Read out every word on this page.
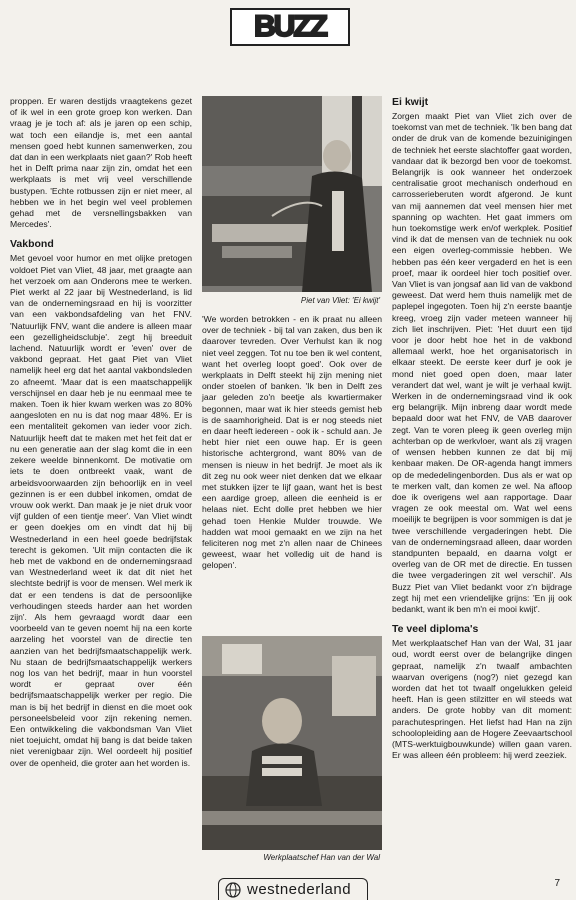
BUZZ

proppen. Er waren destijds vraagtekens gezet of ik wel in een grote groep kon werken. Dan vraag je je toch af: als je jaren op een schip, wat toch een eilandje is, met een aantal mensen goed hebt kunnen samenwerken, zou dat dan in een werkplaats niet gaan?' Rob heeft het in Delft prima naar zijn zin, omdat het een werkplaats is met vrij veel verschillende bustypen. 'Echte rotbussen zijn er niet meer, al hebben we in het begin wel veel problemen gehad met de versnellingsbakken van Mercedes'.

Vakbond

Met gevoel voor humor en met olijke pretogen voldoet Piet van Vliet, 48 jaar, met graagte aan het verzoek om aan Onderons mee te werken. Piet werkt al 22 jaar bij Westnederland, is lid van de ondernemingsraad en hij is voorzitter van een vakbondsafdeling van het FNV. 'Natuurlijk FNV, want die andere is alleen maar een gezelligheidsclubje'. zegt hij breeduit lachend. Natuurlijk wordt er 'even' over de vakbond gepraat. Het gaat Piet van Vliet namelijk heel erg dat het aantal vakbondsleden zo afneemt. 'Maar dat is een maatschappelijk verschijnsel en daar heb je nu eenmaal mee te maken. Toen ik hier kwam werken was zo 80% aangesloten en nu is dat nog maar 48%. Er is een mentaliteit gekomen van ieder voor zich. Natuurlijk heeft dat te maken met het feit dat er nu een generatie aan der slag komt die in een zekere weelde binnenkomt. De motivatie om iets te doen ontbreekt vaak, want de arbeidsvoorwaarden zijn behoorlijk en in veel gezinnen is er een dubbel inkomen, omdat de vrouw ook werkt. Dan maak je je niet druk voor vijf gulden of een tientje meer'. Van Vliet windt er geen doekjes om en vindt dat hij bij Westnederland in een heel goede bedrijfstak terecht is gekomen. 'Uit mijn contacten die ik heb met de vakbond en de ondernemingsraad van Westnederland weet ik dat dit niet het slechtste bedrijf is voor de mensen. Wel merk ik dat er een tendens is dat de persoonlijke verhoudingen steeds harder aan het worden zijn'. Als hem gevraagd wordt daar een voorbeeld van te geven noemt hij na een korte aarzeling het voorstel van de directie ten aanzien van het bedrijfsmaatschappelijk werk. Nu staan de bedrijfsmaatschappelijk werkers nog los van het bedrijf, maar in hun voorstel wordt er gepraat over één bedrijfsmaatschappelijk werker per regio. Die man is bij het bedrijf in dienst en die moet ook personeelsbeleid voor zijn rekening nemen. Een ontwikkeling die vakbondsman Van Vliet niet toejuicht, omdat hij bang is dat beide taken niet verenigbaar zijn. Wel oordeelt hij positief over de openheid, die groter aan het worden is.

Piet van Vliet: 'Ei kwijt'

'We worden betrokken - en ik praat nu alleen over de techniek - bij tal van zaken, dus ben ik daarover tevreden. Over Verhulst kan ik nog niet veel zeggen. Tot nu toe ben ik wel content, want het overleg loopt goed'. Ook over de werkplaats in Delft steekt hij zijn mening niet onder stoelen of banken. 'Ik ben in Delft zes jaar geleden zo'n beetje als kwartiermaker begonnen, maar wat ik hier steeds gemist heb is de saamhorigheid. Dat is er nog steeds niet en daar heeft iedereen - ook ik - schuld aan. Je hebt hier niet een ouwe hap. Er is geen historische achtergrond, want 80% van de mensen is nieuw in het bedrijf. Je moet als ik dit zeg nu ook weer niet denken dat we elkaar met stukken ijzer te lijf gaan, want het is best een aardige groep, alleen die eenheid is er helaas niet. Echt dolle pret hebben we hier gehad toen Henkie Mulder trouwde. We hadden wat mooi gemaakt en we zijn na het feliciteren nog met z'n allen naar de Chinees geweest, waar het volledig uit de hand is gelopen'.

Werkplaatschef Han van der Wal
Ei kwijt

Zorgen maakt Piet van Vliet zich over de toekomst van met de techniek. 'Ik ben bang dat onder de druk van de komende bezuinigingen de techniek het eerste slachtoffer gaat worden, vandaar dat ik bezorgd ben voor de toekomst. Belangrijk is ook wanneer het onderzoek centralisatie groot mechanisch onderhoud en carrosserieberuten wordt afgerond. Je kunt van mij aannemen dat veel mensen hier met spanning op wachten. Het gaat immers om hun toekomstige werk en/of werkplek. Positief vind ik dat de mensen van de techniek nu ook een eigen overleg-commissie hebben. We hebben pas één keer vergaderd en het is een proef, maar ik oordeel hier toch positief over. Van Vliet is van jongsaf aan lid van de vakbond geweest. Dat werd hem thuis namelijk met de paplepel ingegoten. Toen hij z'n eerste baantje kreeg, vroeg zijn vader meteen wanneer hij zich liet inschrijven. Piet: 'Het duurt een tijd voor je door hebt hoe het in de vakbond allemaal werkt, hoe het organisatorisch in elkaar steekt. De eerste keer durf je ook je mond niet goed open doen, maar later verandert dat wel, want je wilt je verhaal kwijt. Werken in de ondernemingsraad vind ik ook erg belangrijk. Mijn inbreng daar wordt mede bepaald door wat het FNV, de VAB daarover zegt. Van te voren pleeg ik geen overleg mijn achterban op de werkvloer, want als zij vragen of wensen hebben kunnen ze dat bij mij kenbaar maken. De OR-agenda hangt immers op de mededelingenborden. Dus als er wat op te merken valt, dan komen ze wel. Na afloop doe ik overigens wel aan rapportage. Daar vragen ze ook meestal om. Wat wel eens moeilijk te begrijpen is voor sommigen is dat je twee verschillende vergaderingen hebt. Die van de ondernemingsraad alleen, daar worden standpunten bepaald, en daarna volgt er overleg van de OR met de directie. En tussen die twee vergaderingen zit wel verschil'. Als Buzz Piet van Vliet bedankt voor z'n bijdrage zegt hij met een vriendelijke grijns: 'En jij ook bedankt, want ik ben m'n ei mooi kwijt'.

Te veel diploma's

Met werkplaatschef Han van der Wal, 31 jaar oud, wordt eerst over de belangrijke dingen gepraat, namelijk z'n twaalf ambachten waarvan overigens (nog?) niet gezegd kan worden dat het tot twaalf ongelukken geleid heeft. Han is geen stilzitter en wil steeds wat anders. De grote hobby van dit moment: parachutespringen. Het liefst had Han na zijn schoolopleiding aan de Hogere Zeevaartschool (MTS-werktuigbouwkunde) willen gaan varen. Er was alleen één probleem: hij werd zeeziek.

westnederland	7
